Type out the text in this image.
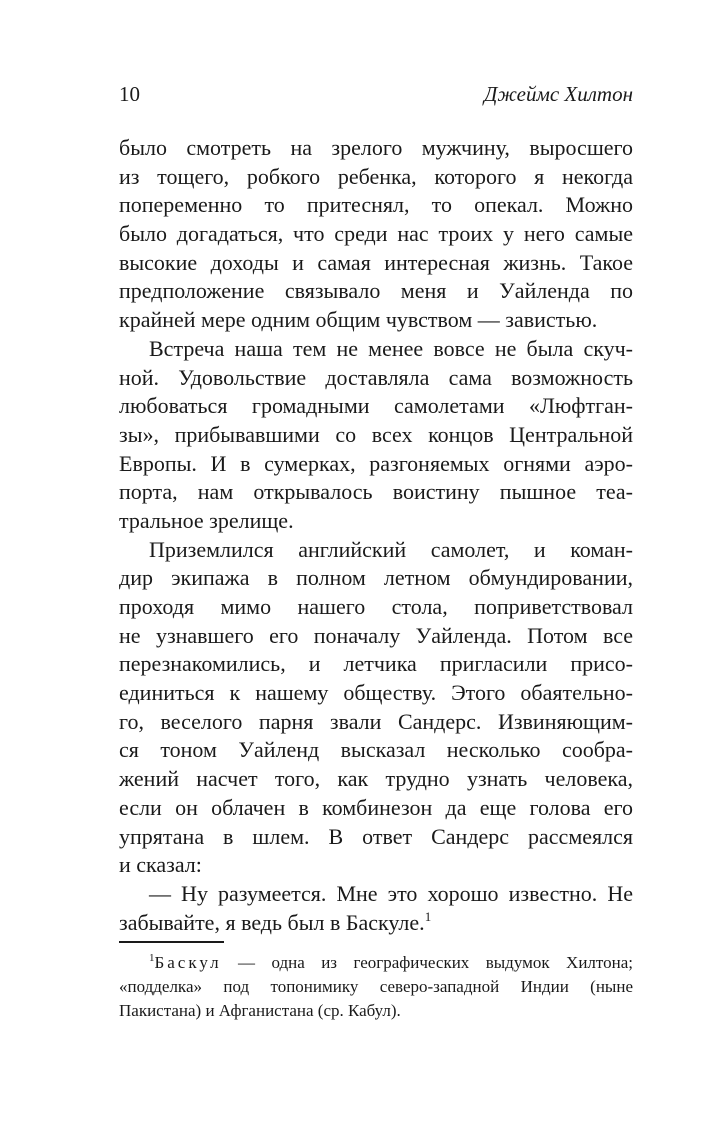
10	Джеймс Хилтон
было смотреть на зрелого мужчину, выросшего
из тощего, робкого ребенка, которого я некогда
попеременно то притеснял, то опекал. Можно
было догадаться, что среди нас троих у него самые
высокие доходы и самая интересная жизнь. Такое
предположение связывало меня и Уайленда по
крайней мере одним общим чувством — завистью.
Встреча наша тем не менее вовсе не была скуч-
ной. Удовольствие доставляла сама возможность
любоваться громадными самолетами «Люфтган-
зы», прибывавшими со всех концов Центральной
Европы. И в сумерках, разгоняемых огнями аэро-
порта, нам открывалось воистину пышное теа-
тральное зрелище.
Приземлился английский самолет, и коман-
дир экипажа в полном летном обмундировании,
проходя мимо нашего стола, поприветствовал
не узнавшего его поначалу Уайленда. Потом все
перезнакомились, и летчика пригласили присо-
единиться к нашему обществу. Этого обаятельно-
го, веселого парня звали Сандерс. Извиняющим-
ся тоном Уайленд высказал несколько сообра-
жений насчет того, как трудно узнать человека,
если он облачен в комбинезон да еще голова его
упрятана в шлем. В ответ Сандерс рассмеялся
и сказал:
— Ну разумеется. Мне это хорошо известно. Не
забывайте, я ведь был в Баскуле.$^1$
$^1$Баскул — одна из географических выдумок Хилтона;
«подделка» под топонимику северо-западной Индии (ныне
Пакистана) и Афганистана (ср. Кабул).
